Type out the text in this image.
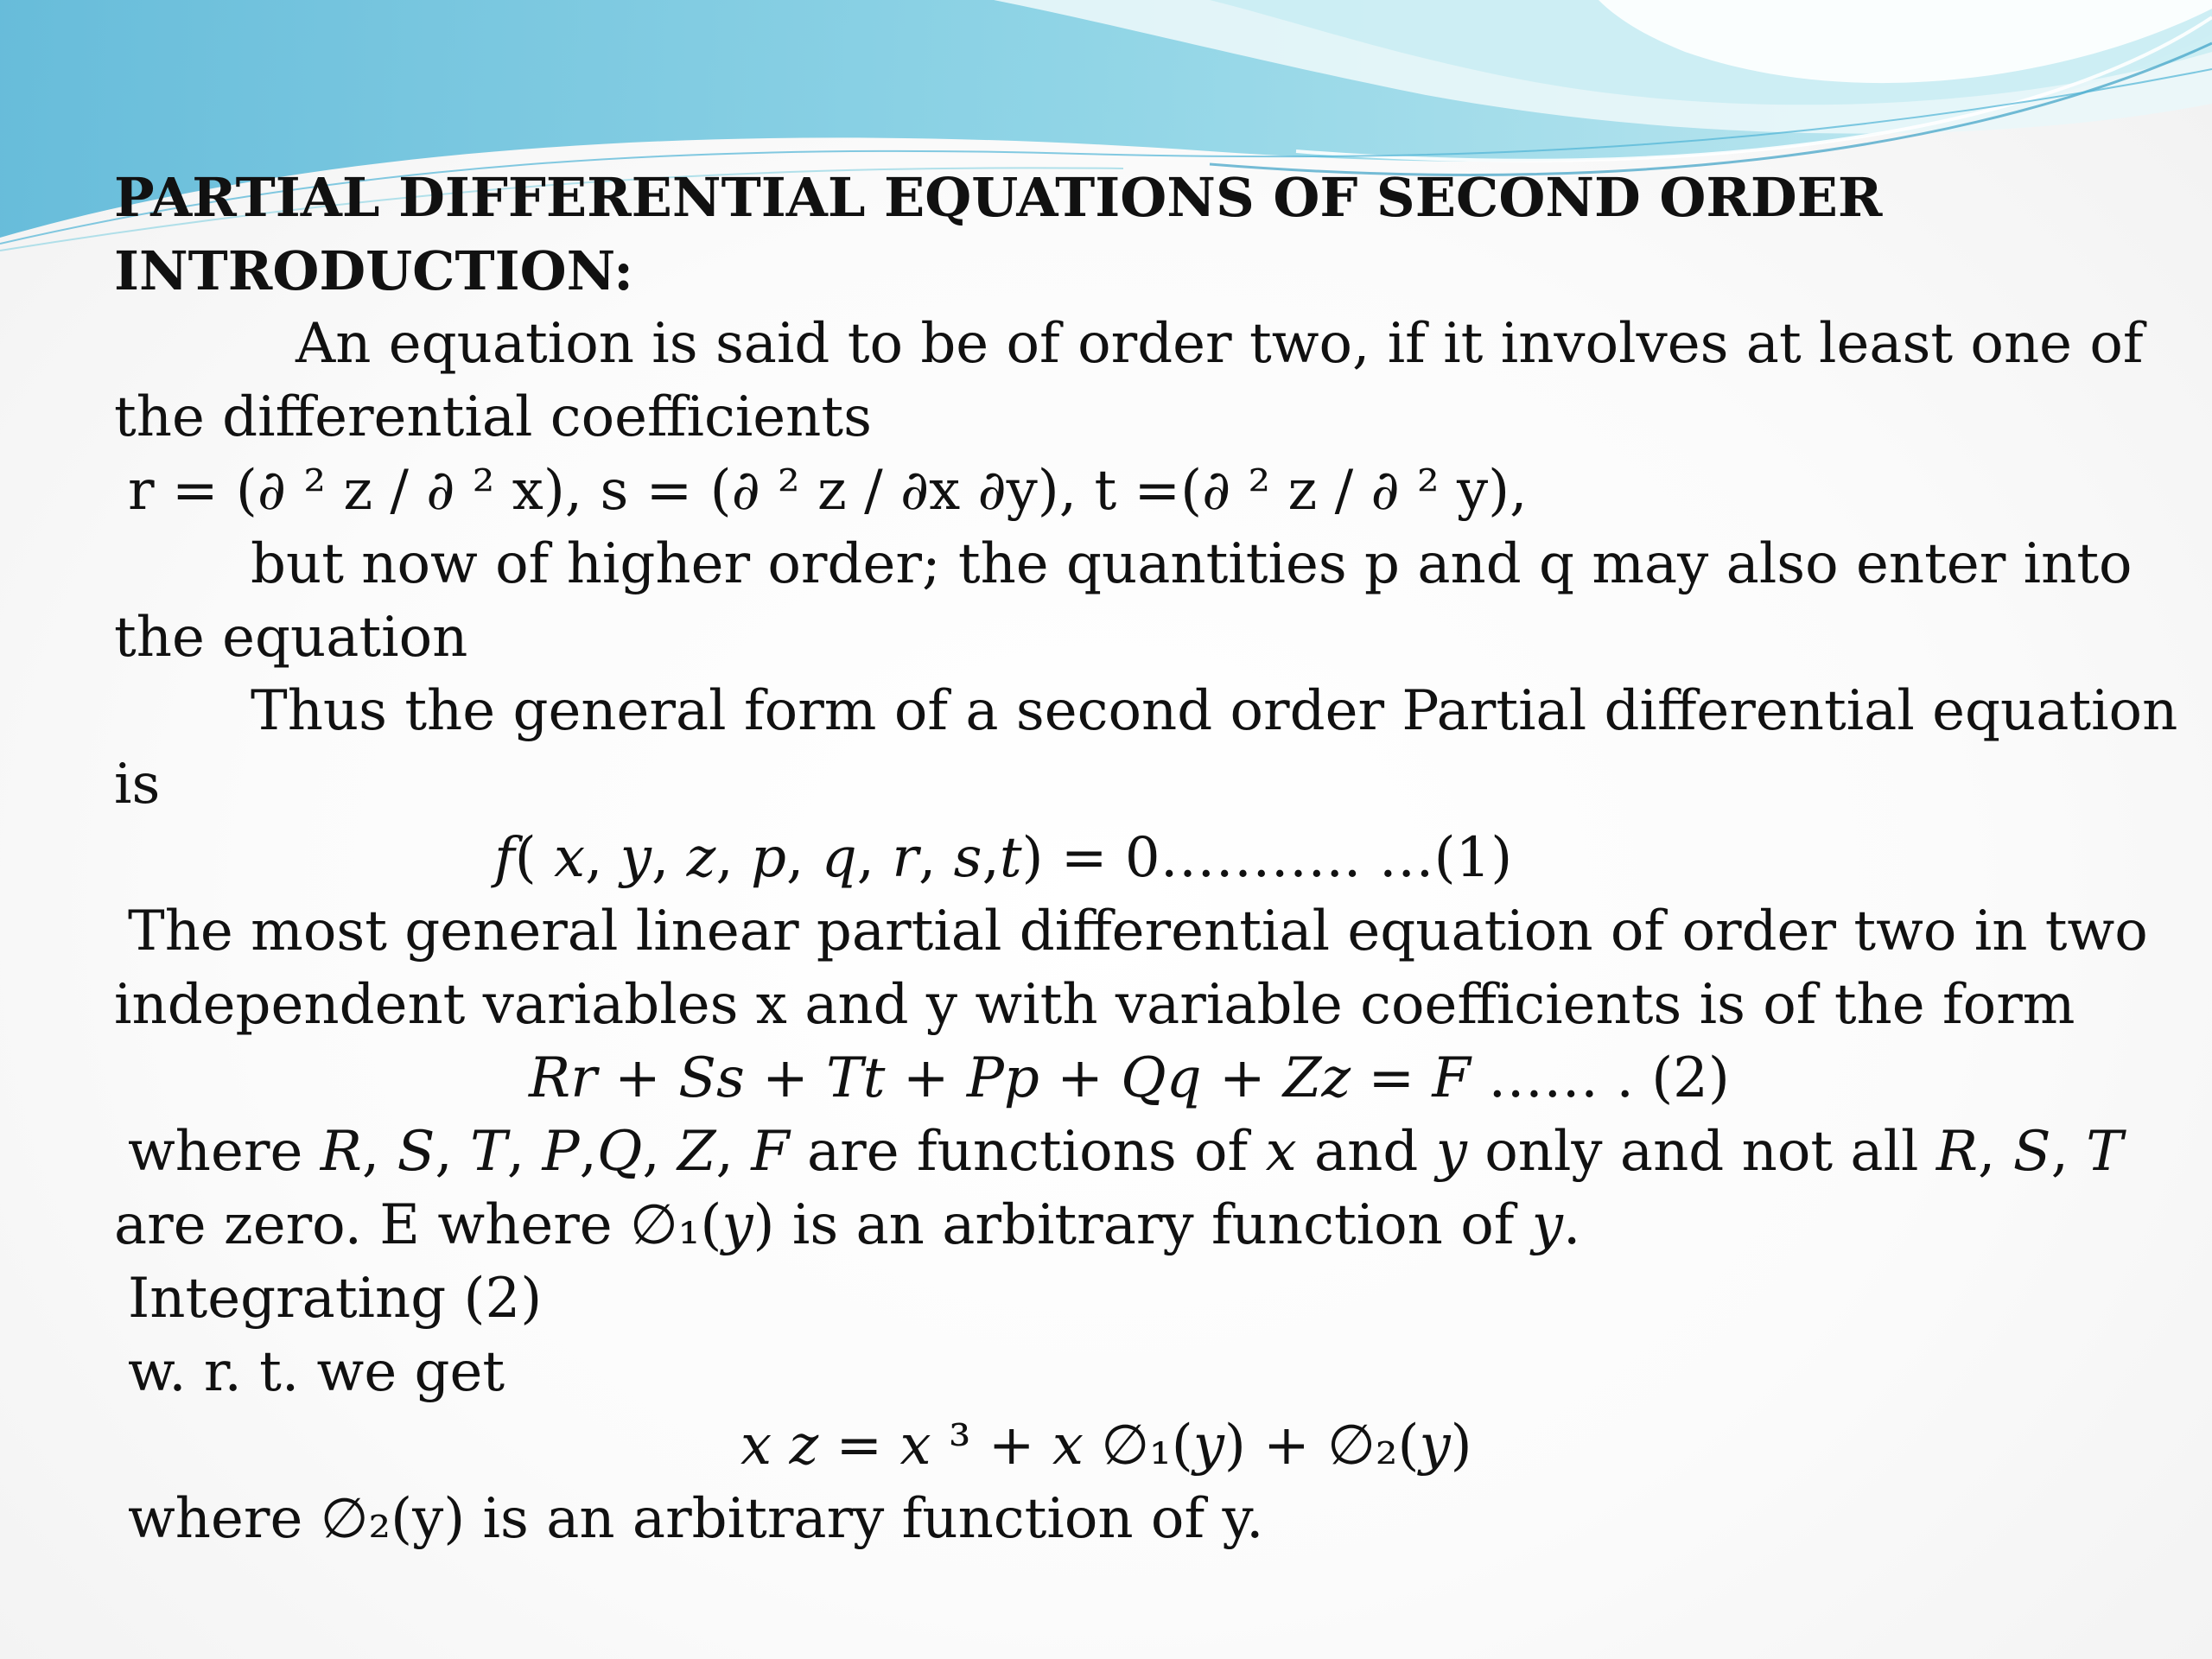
PARTIAL DIFFERENTIAL EQUATIONS OF SECOND ORDER
INTRODUCTION:
An equation is said to be of order two, if it involves at least one of
the differential coefficients
r = (∂ ² z / ∂ ² x), s = (∂ ² z / ∂x ∂y), t =(∂ ² z / ∂ ² y),
but now of higher order; the quantities p and q may also enter into
the equation
Thus the general form of a second order Partial differential equation
is
𝑓( 𝑥, 𝑦, 𝑧, 𝑝, 𝑞, 𝑟, 𝑠,𝑡) = 0……….. …(1)
The most general linear partial differential equation of order two in two
independent variables x and y with variable coefficients is of the form
𝑅𝑟 + 𝑆𝑠 + 𝑇𝑡 + 𝑃𝑝 + 𝑄𝑞 + 𝑍𝑧 = 𝐹 …… . (2)
where 𝑅, 𝑆, 𝑇, 𝑃,𝑄, 𝑍, 𝐹 are functions of 𝑥 and 𝑦 only and not all 𝑅, 𝑆, 𝑇
are zero. E where ∅₁(𝑦) is an arbitrary function of 𝑦.
Integrating (2)
w. r. t. we get
𝑥 𝑧 = 𝑥 ³ + 𝑥 ∅₁(𝑦) + ∅₂(𝑦)
where ∅₂(y) is an arbitrary function of y.
